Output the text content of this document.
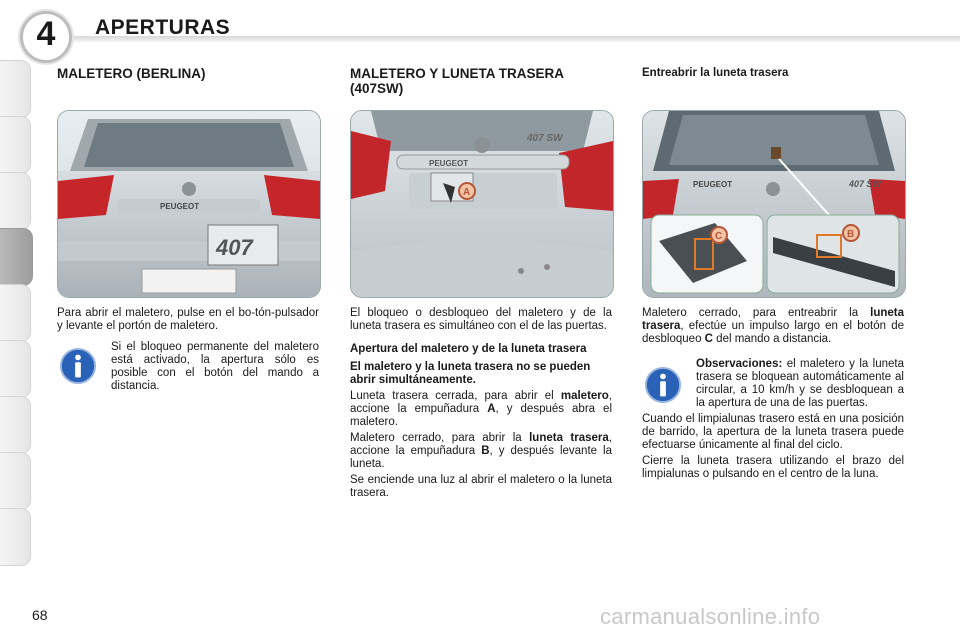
4	APERTURAS
MALETERO (BERLINA)
PEUGEOT
407

Para abrir el maletero, pulse en el bo-tón-pulsador y levante el portón de maletero.

Si el bloqueo permanente del maletero está activado, la apertura sólo es posible con el botón del mando a distancia.

MALETERO Y LUNETA TRASERA (407SW)
PEUGEOT
407 SW
A

El bloqueo o desbloqueo del maletero y de la luneta trasera es simultáneo con el de las puertas.

Apertura del maletero y de la luneta trasera
El maletero y la luneta trasera no se pueden abrir simultáneamente.

Luneta trasera cerrada, para abrir el maletero, accione la empuñadura A, y después abra el maletero.

Maletero cerrado, para abrir la luneta trasera, accione la empuñadura B, y después levante la luneta.

Se enciende una luz al abrir el maletero o la luneta trasera.

Entreabrir la luneta trasera
PEUGEOT	407 SW
C	B

Maletero cerrado, para entreabrir la luneta trasera, efectúe un impulso largo en el botón de desbloqueo C del mando a distancia.

Observaciones: el maletero y la luneta trasera se bloquean automáticamente al circular, a 10 km/h y se desbloquean a la apertura de una de las puertas.

Cuando el limpialunas trasero está en una posición de barrido, la apertura de la luneta trasera puede efectuarse únicamente al final del ciclo.

Cierre la luneta trasera utilizando el brazo del limpialunas o pulsando en el centro de la luna.

68	carmanualsonline.info
